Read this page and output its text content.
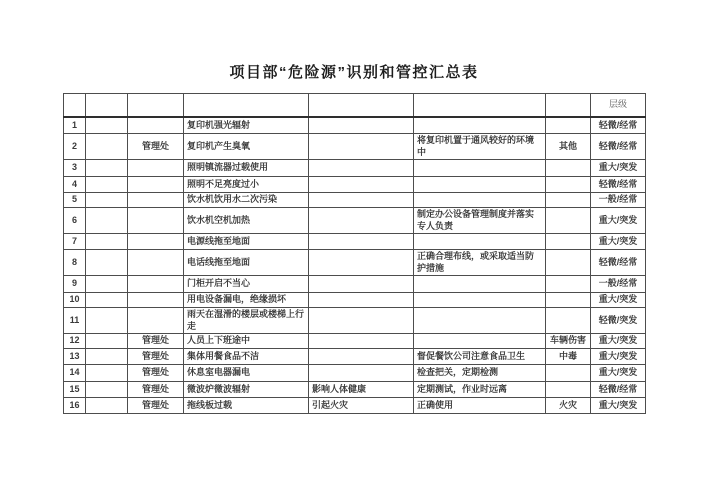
项目部“危险源”识别和管控汇总表
							层级
1			复印机强光辐射				轻微/经常
2		管理处	复印机产生臭氧		将复印机置于通风较好的环境中	其他	轻微/经常
3			照明镇流器过载使用				重大/突发
4			照明不足亮度过小				轻微/经常
5			饮水机饮用水二次污染				一般/经常
6			饮水机空机加热		制定办公设备管理制度并落实专人负责		重大/突发
7			电源线拖至地面				重大/突发
8			电话线拖至地面		正确合理布线，或采取适当防护措施		轻微/经常
9			门柜开启不当心				一般/经常
10			用电设备漏电，绝缘损坏				重大/突发
11			雨天在湿滑的楼层或楼梯上行走				轻微/突发
12		管理处	人员上下班途中			车辆伤害	重大/突发
13		管理处	集体用餐食品不洁		督促餐饮公司注意食品卫生	中毒	重大/突发
14		管理处	休息室电器漏电		检查把关，定期检测		重大/突发
15		管理处	微波炉微波辐射	影响人体健康	定期测试，作业时远离		轻微/经常
16		管理处	拖线板过载	引起火灾	正确使用	火灾	重大/突发
